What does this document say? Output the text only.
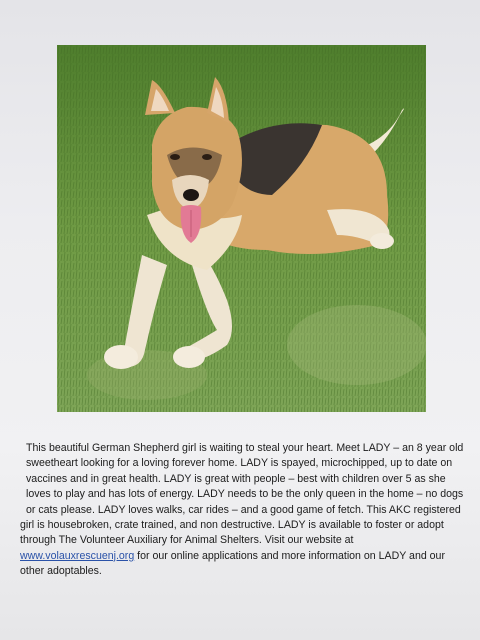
This beautiful German Shepherd girl is waiting to steal your heart. Meet LADY – an 8 year old
sweetheart looking for a loving forever home. LADY is spayed, microchipped, up to date on
vaccines and in great health. LADY is great with people – best with children over 5 as she
loves to play and has lots of energy. LADY needs to be the only queen in the home – no dogs
or cats please. LADY loves walks, car rides – and a good game of fetch. This AKC registered
girl is housebroken, crate trained, and non destructive. LADY is available to foster or adopt
through The Volunteer Auxiliary for Animal Shelters. Visit our website at
www.volauxrescuenj.org for our online applications and more information on LADY and our
other adoptables.
